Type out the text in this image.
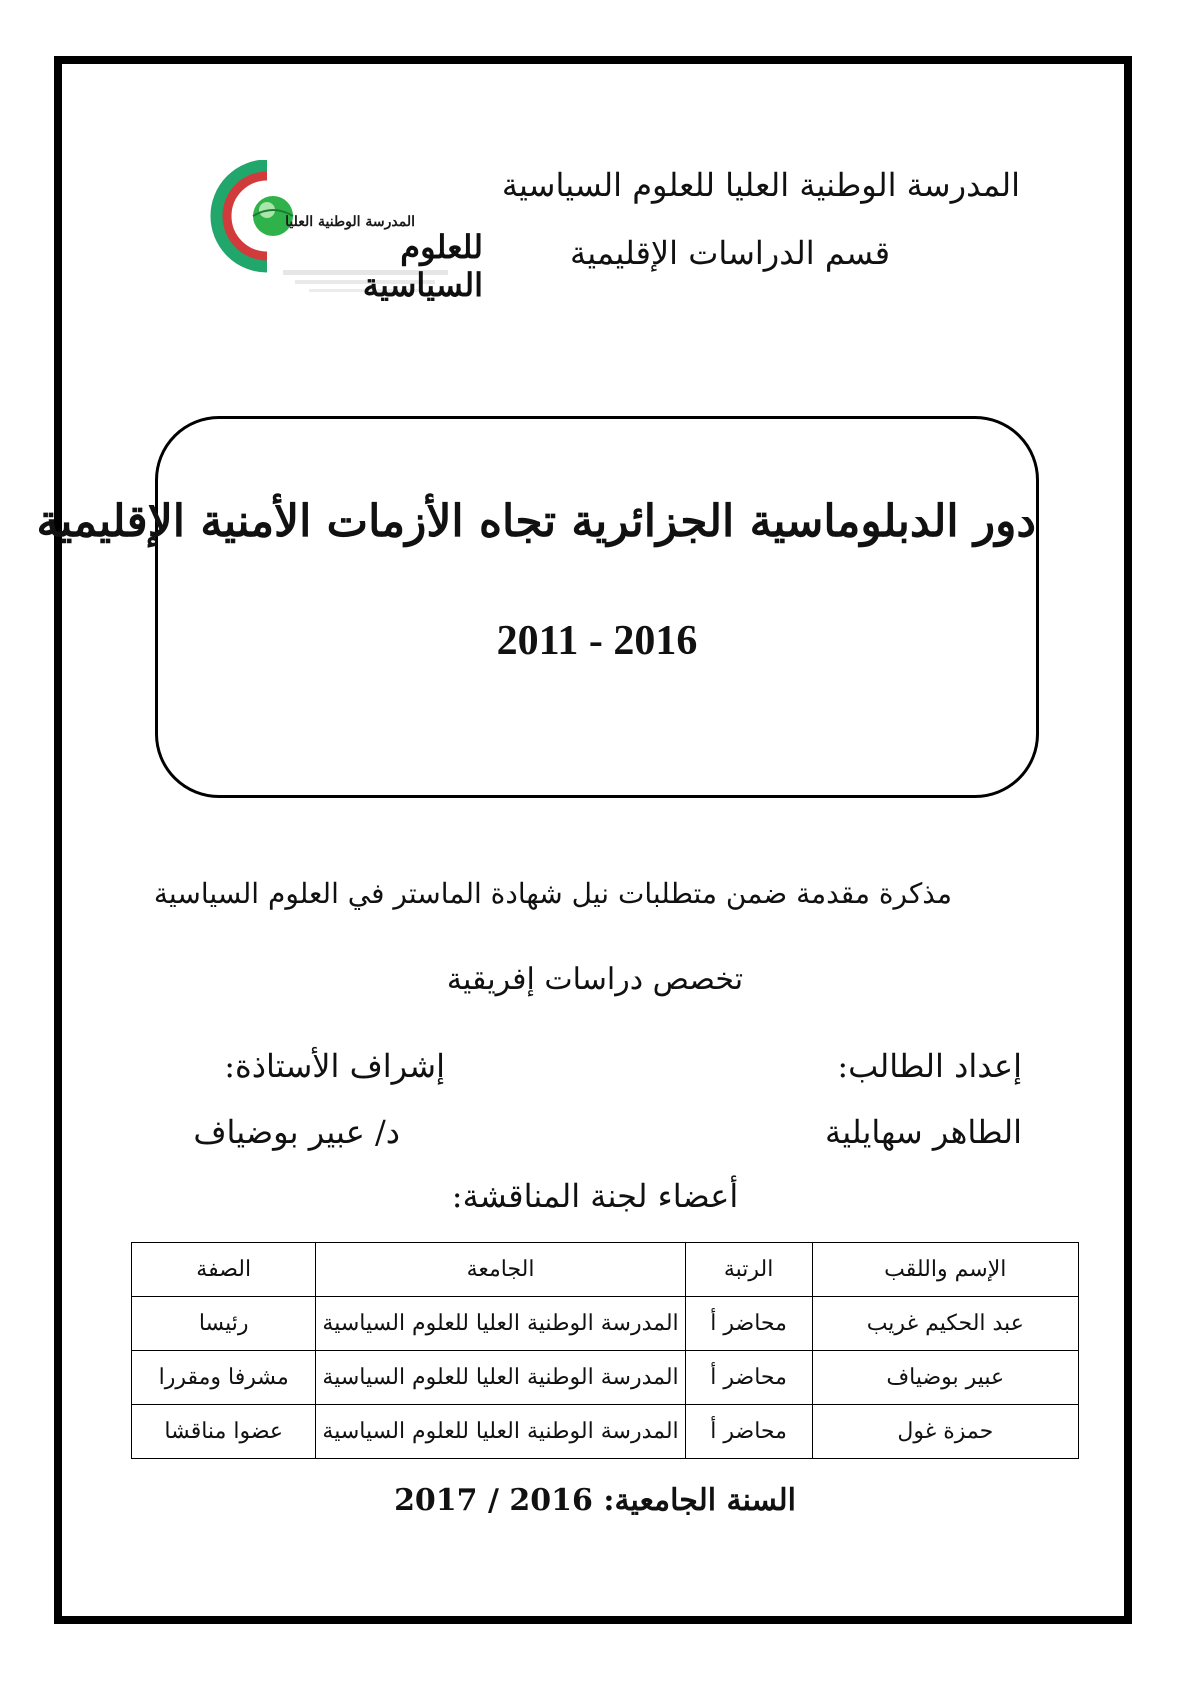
المدرسة الوطنية العليا للعلوم السياسية
قسم الدراسات الإقليمية
المدرسة الوطنية العليا
للعلوم السياسية
دور الدبلوماسية الجزائرية تجاه الأزمات الأمنية الإقليمية
2011 - 2016
مذكرة مقدمة ضمن متطلبات نيل شهادة الماستر في العلوم السياسية
تخصص دراسات إفريقية
إعداد الطالب:
إشراف الأستاذة:
الطاهر سهايلية
د/ عبير بوضياف
أعضاء لجنة المناقشة:
الإسم واللقب	الرتبة	الجامعة	الصفة
عبد الحكيم غريب	محاضر أ	المدرسة الوطنية العليا للعلوم السياسية	رئيسا
عبير بوضياف	محاضر أ	المدرسة الوطنية العليا للعلوم السياسية	مشرفا ومقررا
حمزة غول	محاضر أ	المدرسة الوطنية العليا للعلوم السياسية	عضوا مناقشا
السنة الجامعية: 2016 / 2017
